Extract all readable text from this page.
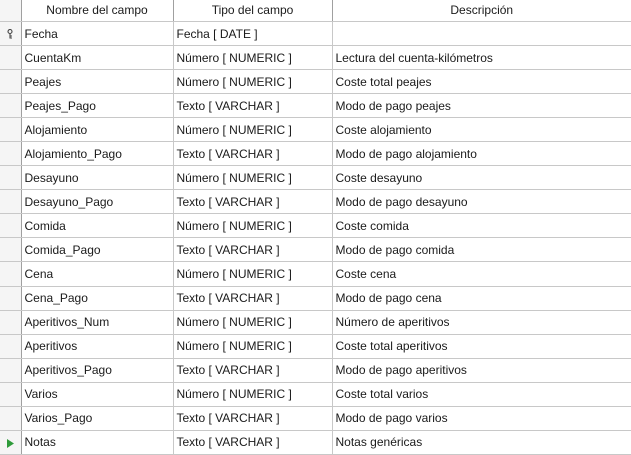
	Nombre del campo	Tipo del campo	Descripción
	Fecha	Fecha [ DATE ]	
	CuentaKm	Número [ NUMERIC ]	Lectura del cuenta-kilómetros
	Peajes	Número [ NUMERIC ]	Coste total peajes
	Peajes_Pago	Texto [ VARCHAR ]	Modo de pago peajes
	Alojamiento	Número [ NUMERIC ]	Coste alojamiento
	Alojamiento_Pago	Texto [ VARCHAR ]	Modo de pago alojamiento
	Desayuno	Número [ NUMERIC ]	Coste desayuno
	Desayuno_Pago	Texto [ VARCHAR ]	Modo de pago desayuno
	Comida	Número [ NUMERIC ]	Coste comida
	Comida_Pago	Texto [ VARCHAR ]	Modo de pago comida
	Cena	Número [ NUMERIC ]	Coste cena
	Cena_Pago	Texto [ VARCHAR ]	Modo de pago cena
	Aperitivos_Num	Número [ NUMERIC ]	Número de aperitivos
	Aperitivos	Número [ NUMERIC ]	Coste total aperitivos
	Aperitivos_Pago	Texto [ VARCHAR ]	Modo de pago aperitivos
	Varios	Número [ NUMERIC ]	Coste total varios
	Varios_Pago	Texto [ VARCHAR ]	Modo de pago varios
	Notas	Texto [ VARCHAR ]	Notas genéricas
